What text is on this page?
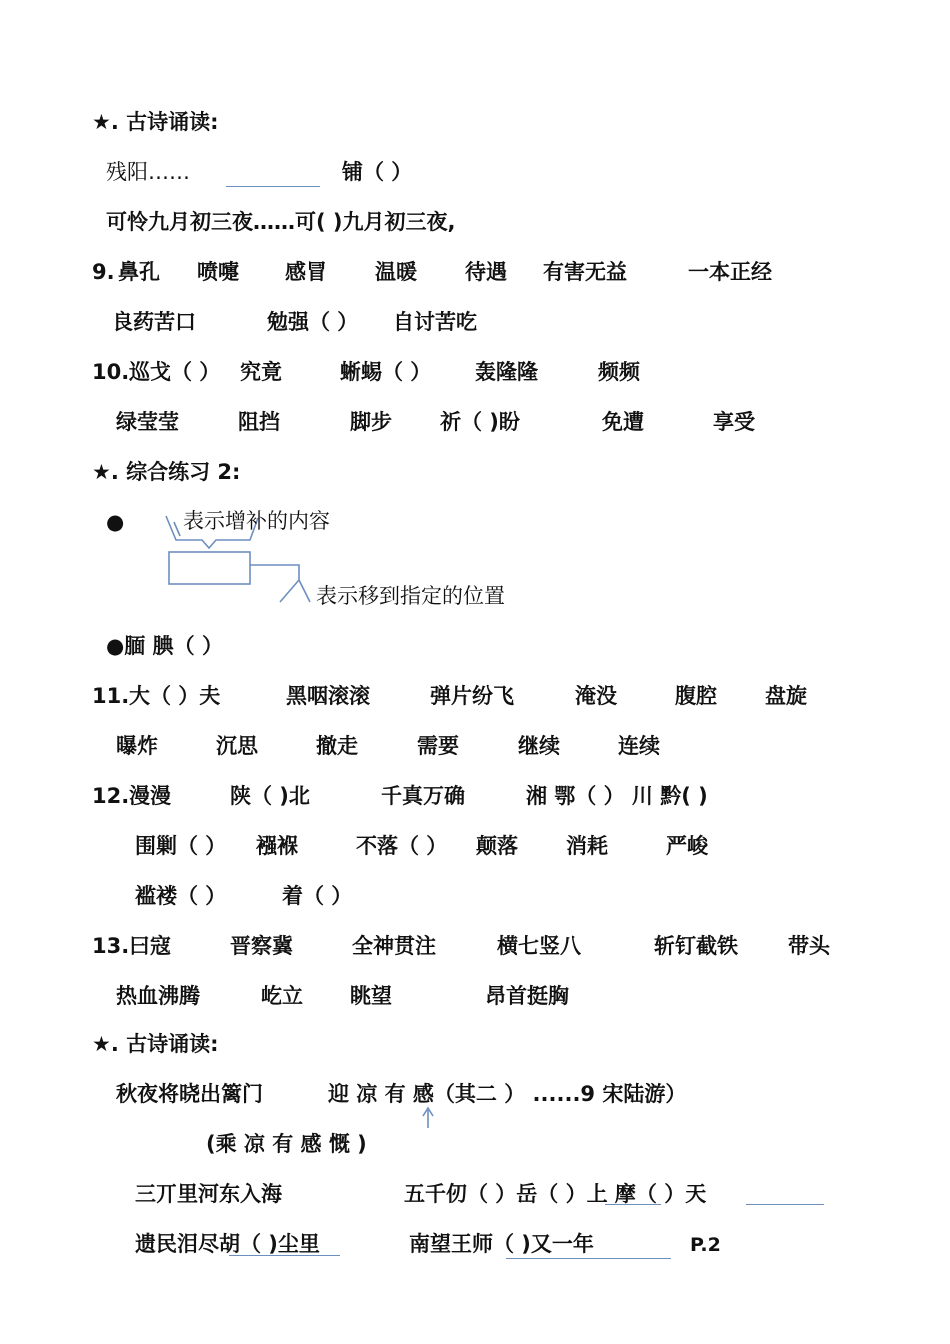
★. 古诗诵读:
残阳……	铺（ ）
可怜九月初三夜……可( )九月初三夜,
9. 鼻孔 喷嚏 感冒 温暖 待遇 有害无益	一本正经
良药苦口	勉强（ ） 自讨苦吃
10. 巡戈（ ） 究竟	蜥蜴（ ） 轰隆隆	频频
绿莹莹	阻挡	脚步 祈（ )盼	免遭	享受
★. 综合练习 2:
●	表示增补的内容
表示移到指定的位置
●腼 腆（ ）
11. 大（ ）夫	黑咽滚滚	弹片纷飞	淹没	腹腔 盘旋
曝炸	沉思	撤走	需要	继续	连续
12. 漫漫	陕（ )北	千真万确	湘 鄂（ ） 川 黔( )
围剿（ ） 襁褓	不落（ ） 颠落 消耗	严峻
褴褛（ ）	着（ ）
13. 曰寇	晋察冀	全神贯注	横七竖八	斩钉截铁 带头
热血沸腾	屹立 眺望	昂首挺胸
★. 古诗诵读:
秋夜将晓出篱门	迎 凉 有 感（其二 ） ......9 宋陆游）
(乘 凉 有 感 慨 )
三丌里河东入海	五千仞（ ）岳（ ）上 摩（ ）天
遗民泪尽胡（ )尘里	南望王师（ )又一年	P.2
